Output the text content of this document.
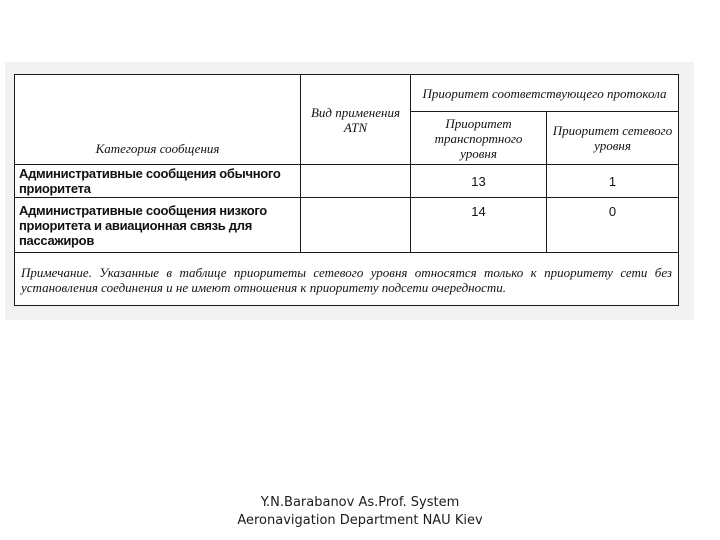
Категория сообщения	Вид применения ATN	Приоритет соответствующего протокола	
		Приоритет транспортного уровня	Приоритет сетевого уровня
Административные сообщения обычного приоритета		13	1
Административные сообщения низкого приоритета и авиационная связь для пассажиров		14	0
Примечание. Указанные в таблице приоритеты сетевого уровня относятся только к приоритету сети без установления соединения и не имеют отношения к приоритету подсети очередности.			
Y.N.Barabanov As.Prof. System Aeronavigation Department NAU Kiev
